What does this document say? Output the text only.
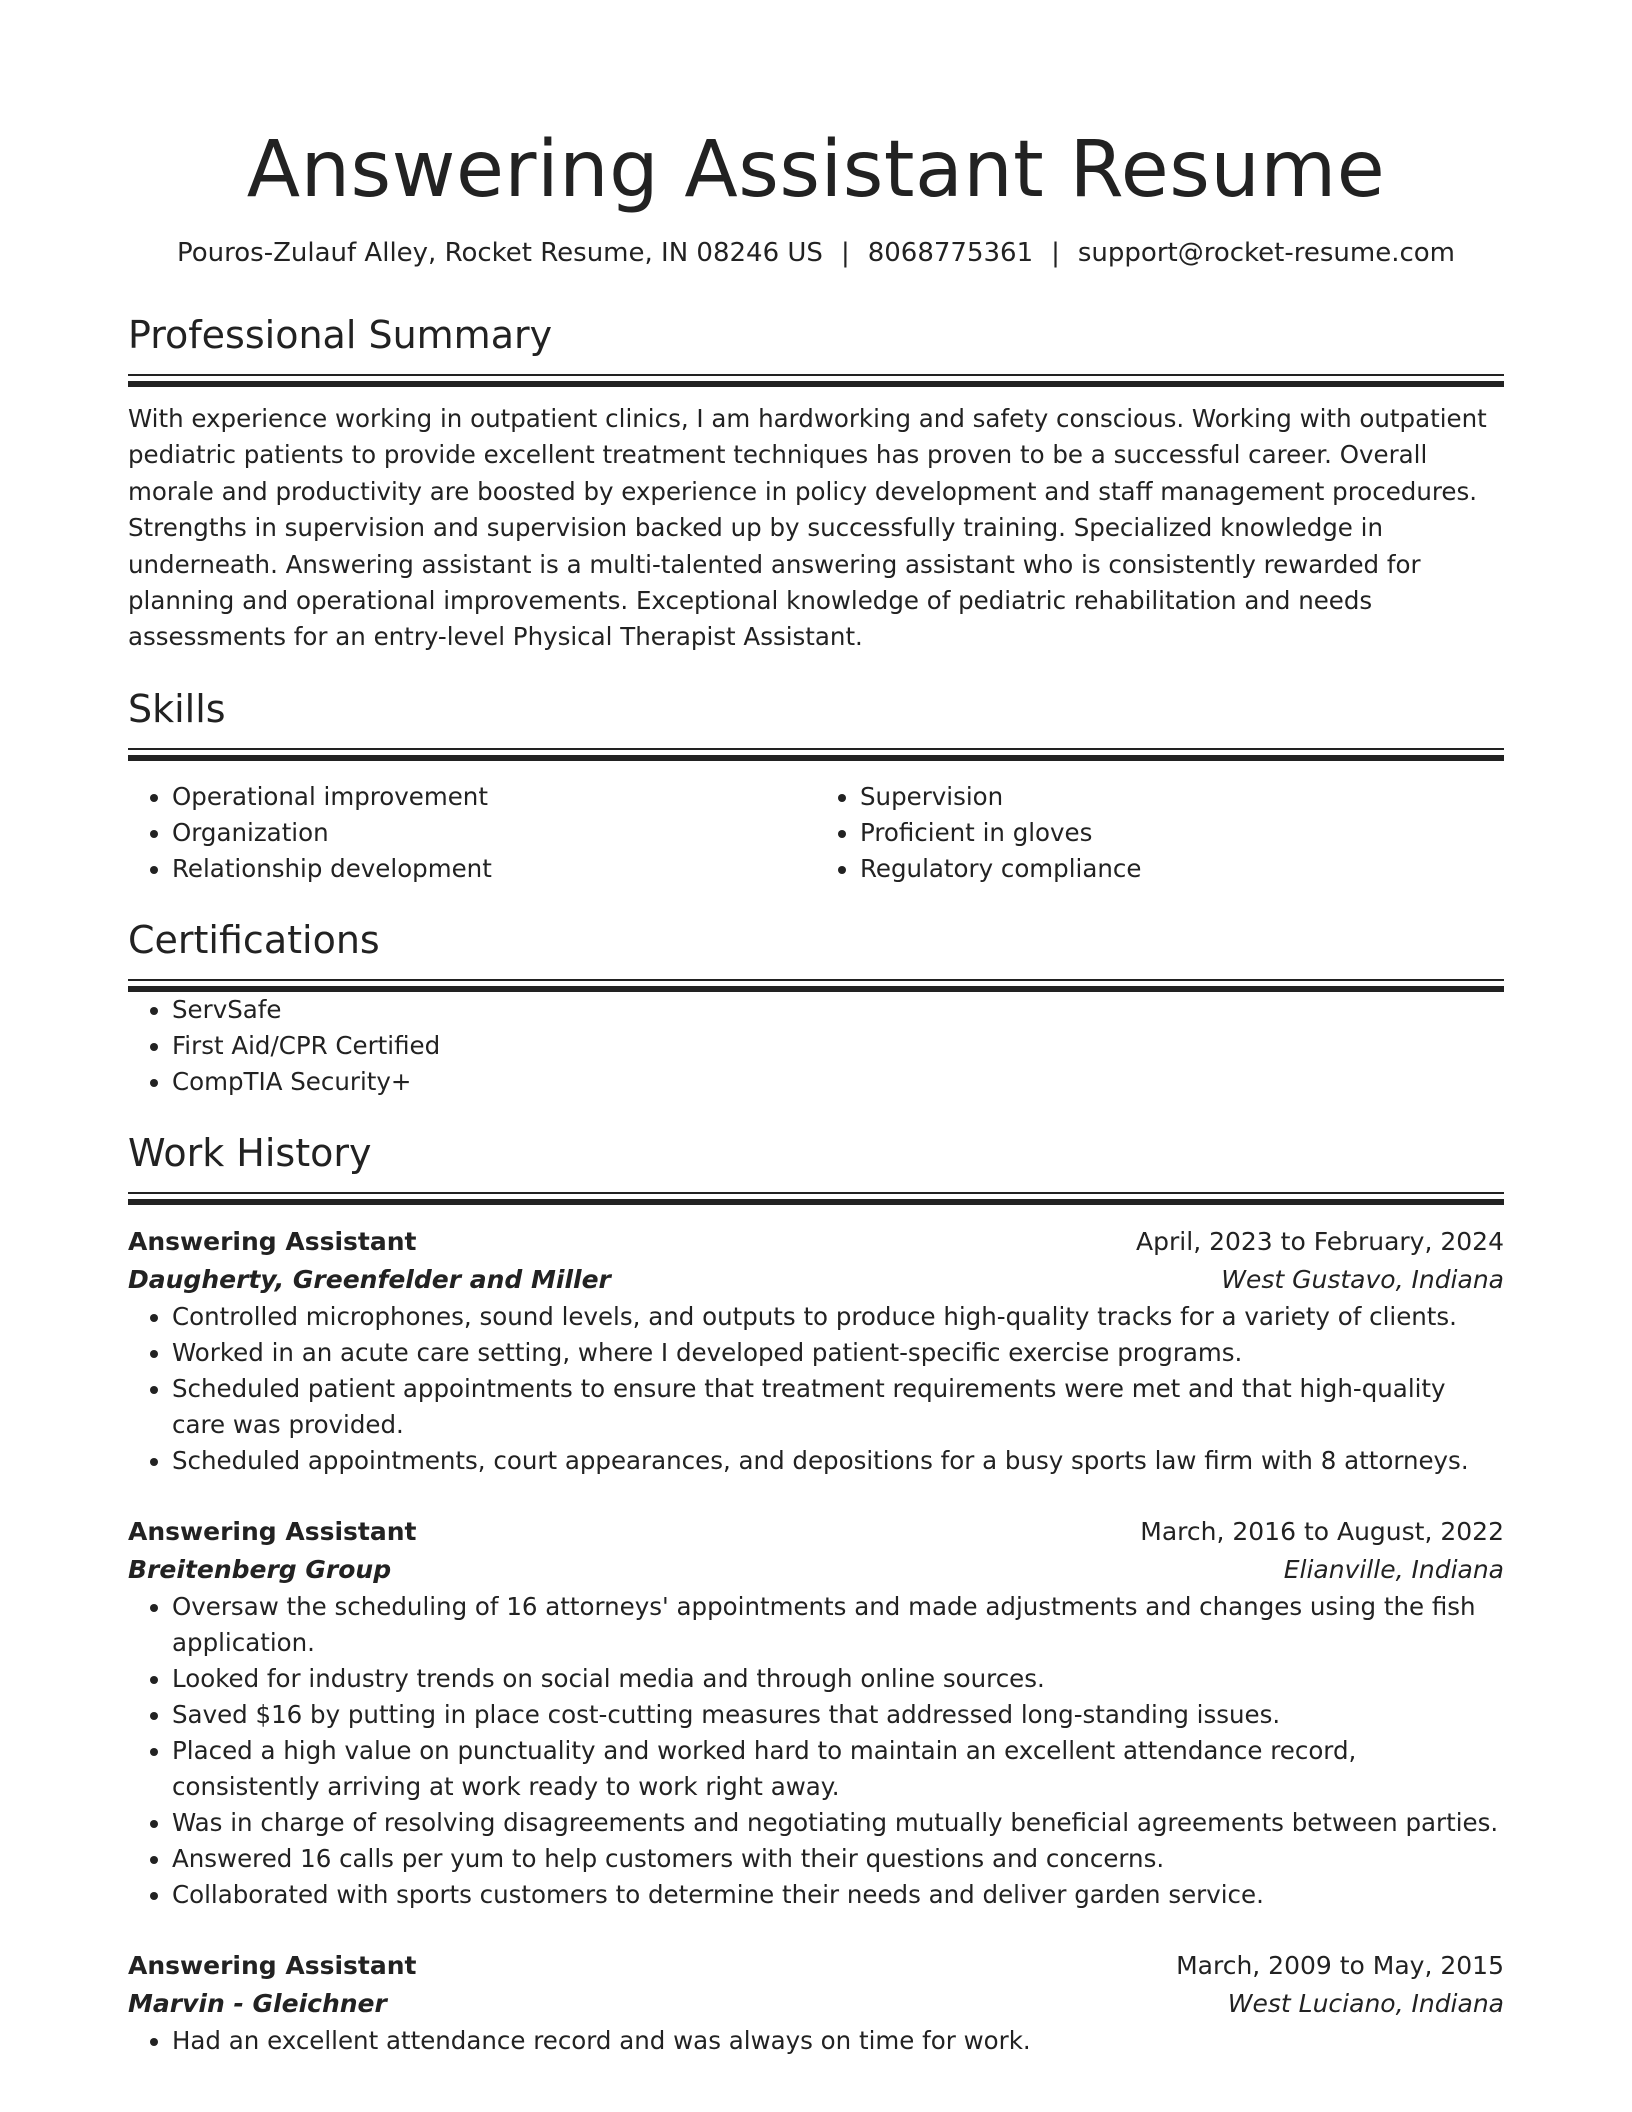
Answering Assistant Resume
Pouros-Zulauf Alley, Rocket Resume, IN 08246 US | 8068775361 | support@rocket-resume.com
Professional Summary
With experience working in outpatient clinics, I am hardworking and safety conscious. Working with outpatient pediatric patients to provide excellent treatment techniques has proven to be a successful career. Overall morale and productivity are boosted by experience in policy development and staff management procedures. Strengths in supervision and supervision backed up by successfully training. Specialized knowledge in underneath. Answering assistant is a multi-talented answering assistant who is consistently rewarded for planning and operational improvements. Exceptional knowledge of pediatric rehabilitation and needs assessments for an entry-level Physical Therapist Assistant.
Skills
• Operational improvement
• Organization
• Relationship development
• Supervision
• Proficient in gloves
• Regulatory compliance
Certifications
• ServSafe
• First Aid/CPR Certified
• CompTIA Security+
Work History
Answering Assistant	April, 2023 to February, 2024
Daugherty, Greenfelder and Miller	West Gustavo, Indiana
• Controlled microphones, sound levels, and outputs to produce high-quality tracks for a variety of clients.
• Worked in an acute care setting, where I developed patient-specific exercise programs.
• Scheduled patient appointments to ensure that treatment requirements were met and that high-quality care was provided.
• Scheduled appointments, court appearances, and depositions for a busy sports law firm with 8 attorneys.
Answering Assistant	March, 2016 to August, 2022
Breitenberg Group	Elianville, Indiana
• Oversaw the scheduling of 16 attorneys' appointments and made adjustments and changes using the fish application.
• Looked for industry trends on social media and through online sources.
• Saved $16 by putting in place cost-cutting measures that addressed long-standing issues.
• Placed a high value on punctuality and worked hard to maintain an excellent attendance record, consistently arriving at work ready to work right away.
• Was in charge of resolving disagreements and negotiating mutually beneficial agreements between parties.
• Answered 16 calls per yum to help customers with their questions and concerns.
• Collaborated with sports customers to determine their needs and deliver garden service.
Answering Assistant	March, 2009 to May, 2015
Marvin - Gleichner	West Luciano, Indiana
• Had an excellent attendance record and was always on time for work.
